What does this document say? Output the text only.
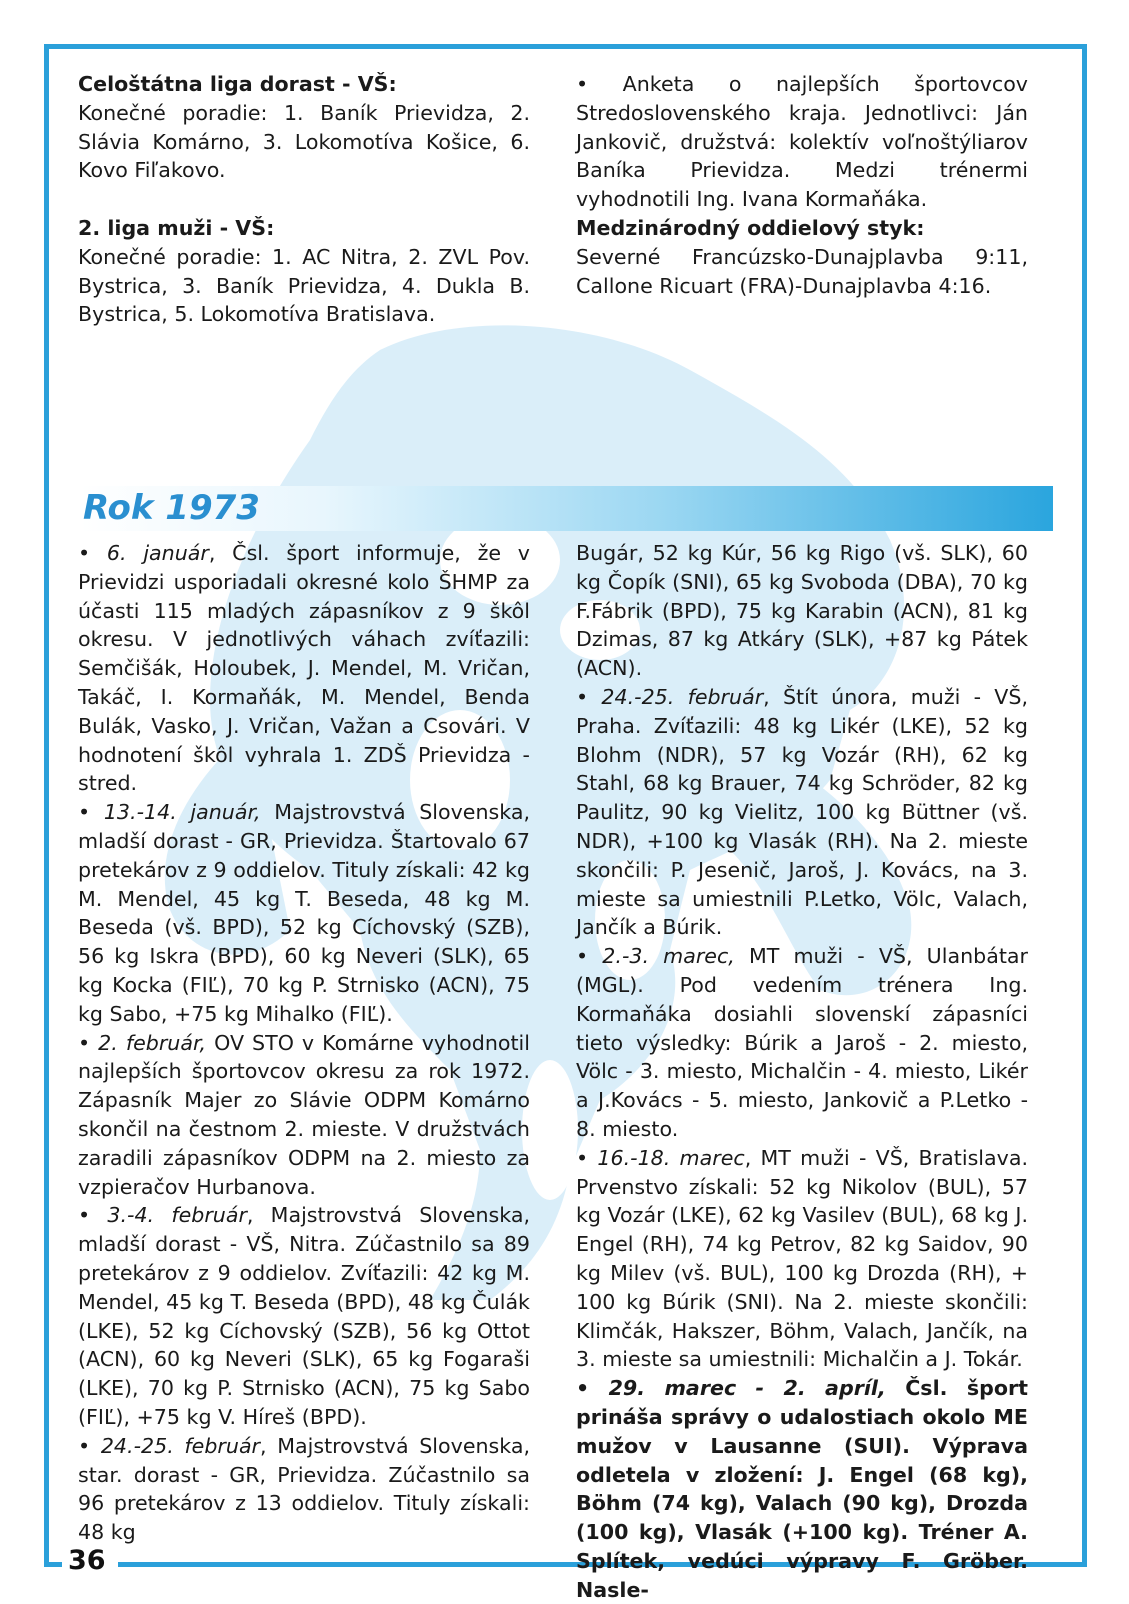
Celoštátna liga dorast - VŠ:

Konečné poradie: 1. Baník Prievidza, 2. Slávia Komárno, 3. Lokomotíva Košice, 6. Kovo Fiľakovo.

2. liga muži - VŠ:

Konečné poradie: 1. AC Nitra, 2. ZVL Pov. Bystrica, 3. Baník Prievidza, 4. Dukla B. Bystrica, 5. Lokomotíva Bratislava.

• Anketa o najlepších športovcov Stredoslovenského kraja. Jednotlivci: Ján Jankovič, družstvá: kolektív voľnoštýliarov Baníka Prievidza. Medzi trénermi vyhodnotili Ing. Ivana Kormaňáka.

Medzinárodný oddielový styk:

Severné Francúzsko-Dunajplavba 9:11, Callone Ricuart (FRA)-Dunajplavba 4:16.

Rok 1973

• 6. január, Čsl. šport informuje, že v Prievidzi usporiadali okresné kolo ŠHMP za účasti 115 mladých zápasníkov z 9 škôl okresu. V jednotlivých váhach zvíťazili: Semčišák, Holoubek, J. Mendel, M. Vričan, Takáč, I. Kormaňák, M. Mendel, Benda Bulák, Vasko, J. Vričan, Važan a Csovári. V hodnotení škôl vyhrala 1. ZDŠ Prievidza - stred.

• 13.-14. január, Majstrovstvá Slovenska, mladší dorast - GR, Prievidza. Štartovalo 67 pretekárov z 9 oddielov. Tituly získali: 42 kg M. Mendel, 45 kg T. Beseda, 48 kg M. Beseda (vš. BPD), 52 kg Cíchovský (SZB), 56 kg Iskra (BPD), 60 kg Neveri (SLK), 65 kg Kocka (FIĽ), 70 kg P. Strnisko (ACN), 75 kg Sabo, +75 kg Mihalko (FIĽ).

• 2. február, OV STO v Komárne vyhodnotil najlepších športovcov okresu za rok 1972. Zápasník Majer zo Slávie ODPM Komárno skončil na čestnom 2. mieste. V družstvách zaradili zápasníkov ODPM na 2. miesto za vzpieračov Hurbanova.

• 3.-4. február, Majstrovstvá Slovenska, mladší dorast - VŠ, Nitra. Zúčastnilo sa 89 pretekárov z 9 oddielov. Zvíťazili: 42 kg M. Mendel, 45 kg T. Beseda (BPD), 48 kg Čulák (LKE), 52 kg Cíchovský (SZB), 56 kg Ottot (ACN), 60 kg Neveri (SLK), 65 kg Fogaraši (LKE), 70 kg P. Strnisko (ACN), 75 kg Sabo (FIĽ), +75 kg V. Híreš (BPD).

• 24.-25. február, Majstrovstvá Slovenska, star. dorast - GR, Prievidza. Zúčastnilo sa 96 pretekárov z 13 oddielov. Tituly získali: 48 kg

Bugár, 52 kg Kúr, 56 kg Rigo (vš. SLK), 60 kg Čopík (SNI), 65 kg Svoboda (DBA), 70 kg F.Fábrik (BPD), 75 kg Karabin (ACN), 81 kg Dzimas, 87 kg Atkáry (SLK), +87 kg Pátek (ACN).

• 24.-25. február, Štít února, muži - VŠ, Praha. Zvíťazili: 48 kg Likér (LKE), 52 kg Blohm (NDR), 57 kg Vozár (RH), 62 kg Stahl, 68 kg Brauer, 74 kg Schröder, 82 kg Paulitz, 90 kg Vielitz, 100 kg Büttner (vš. NDR), +100 kg Vlasák (RH). Na 2. mieste skončili: P. Jesenič, Jaroš, J. Kovács, na 3. mieste sa umiestnili P.Letko, Völc, Valach, Jančík a Búrik.

• 2.-3. marec, MT muži - VŠ, Ulanbátar (MGL). Pod vedením trénera Ing. Kormaňáka dosiahli slovenskí zápasníci tieto výsledky: Búrik a Jaroš - 2. miesto, Völc - 3. miesto, Michalčin - 4. miesto, Likér a J.Kovács - 5. miesto, Jankovič a P.Letko - 8. miesto.

• 16.-18. marec, MT muži - VŠ, Bratislava. Prvenstvo získali: 52 kg Nikolov (BUL), 57 kg Vozár (LKE), 62 kg Vasilev (BUL), 68 kg J. Engel (RH), 74 kg Petrov, 82 kg Saidov, 90 kg Milev (vš. BUL), 100 kg Drozda (RH), + 100 kg Búrik (SNI). Na 2. mieste skončili: Klimčák, Hakszer, Böhm, Valach, Jančík, na 3. mieste sa umiestnili: Michalčin a J. Tokár.

• 29. marec - 2. apríl, Čsl. šport prináša správy o udalostiach okolo ME mužov v Lausanne (SUI). Výprava odletela v zložení: J. Engel (68 kg), Böhm (74 kg), Valach (90 kg), Drozda (100 kg), Vlasák (+100 kg). Tréner A. Splítek, vedúci výpravy F. Gröber. Nasle-

36
